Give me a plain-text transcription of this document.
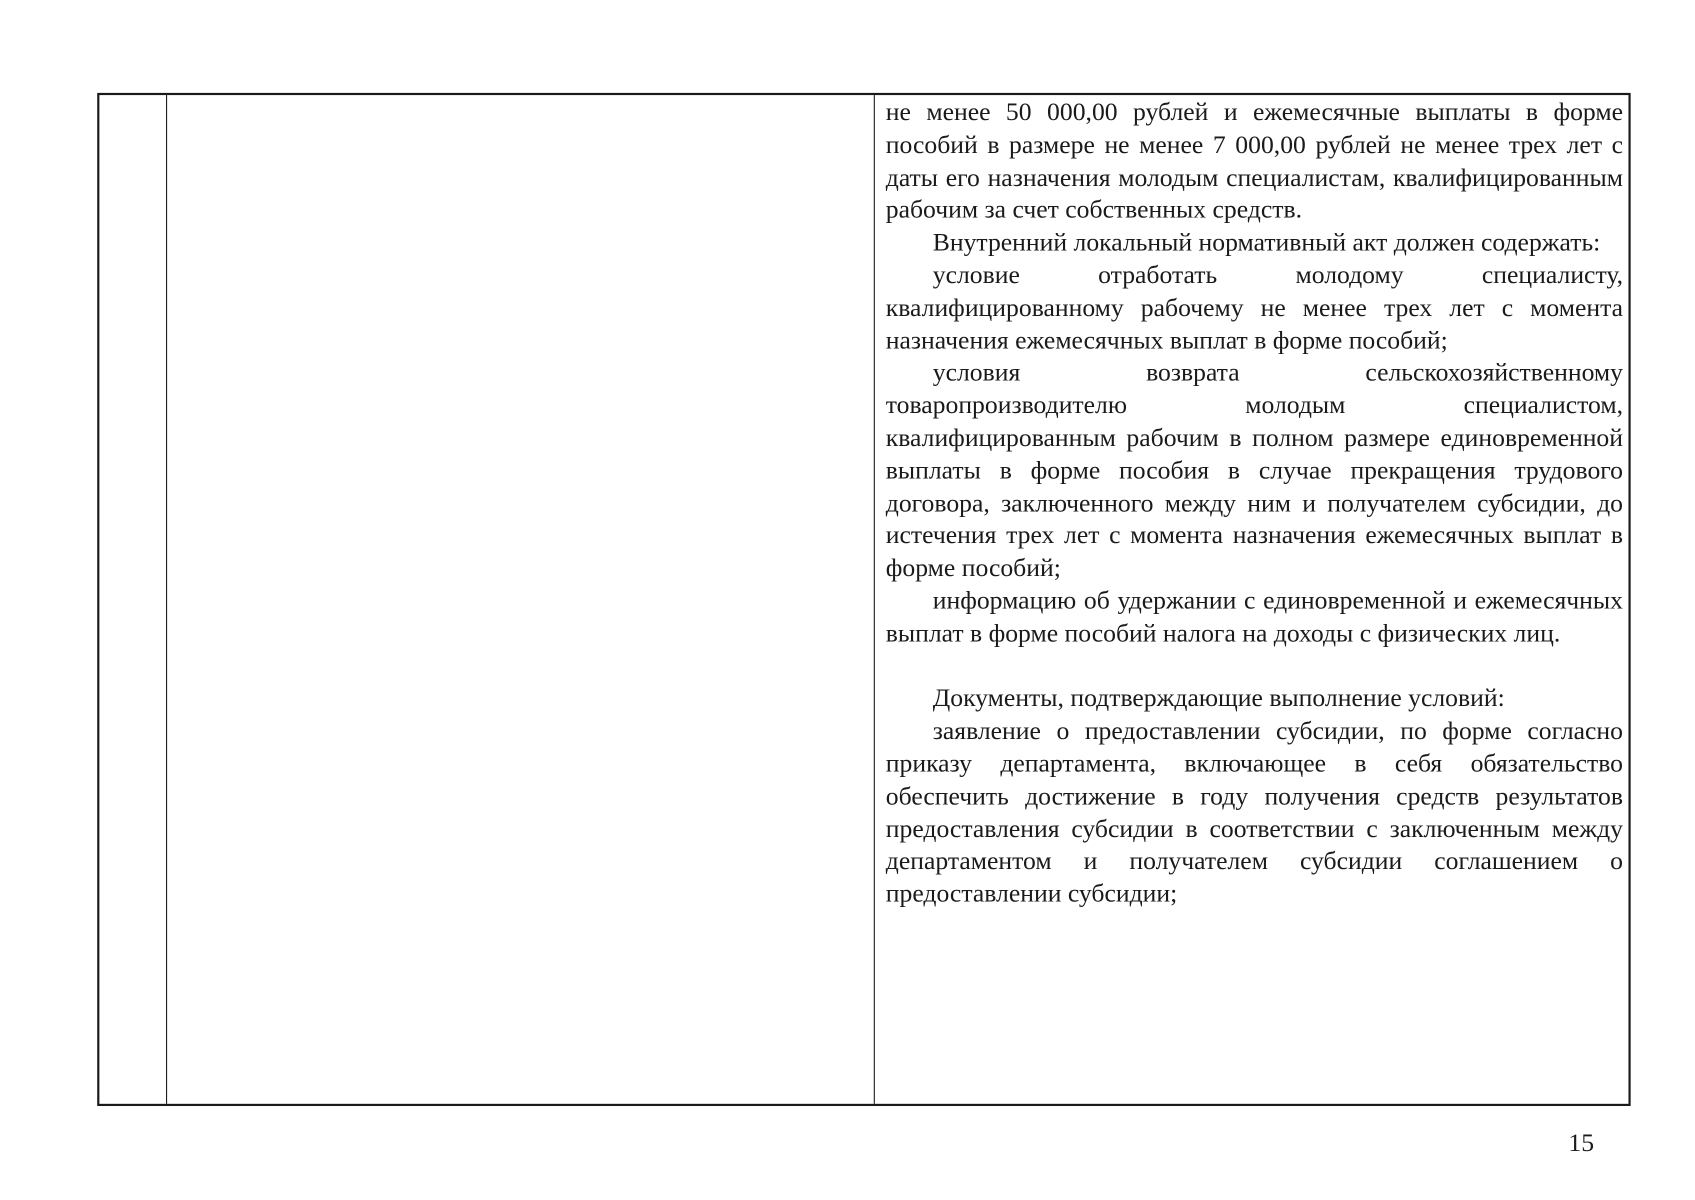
не менее 50 000,00 рублей и ежемесячные выплаты в форме пособий в размере не менее 7 000,00 рублей не менее трех лет с даты его назначения молодым специалистам, квалифицированным рабочим за счет собственных средств.

Внутренний локальный нормативный акт должен содержать:

условие отработать молодому специалисту, квалифицированному рабочему не менее трех лет с момента назначения ежемесячных выплат в форме пособий;

условия возврата сельскохозяйственному товаропроизводителю молодым специалистом, квалифицированным рабочим в полном размере единовременной выплаты в форме пособия в случае прекращения трудового договора, заключенного между ним и получателем субсидии, до истечения трех лет с момента назначения ежемесячных выплат в форме пособий;

информацию об удержании с единовременной и ежемесячных выплат в форме пособий налога на доходы с физических лиц.

Документы, подтверждающие выполнение условий:

заявление о предоставлении субсидии, по форме согласно приказу департамента, включающее в себя обязательство обеспечить достижение в году получения средств результатов предоставления субсидии в соответствии с заключенным между департаментом и получателем субсидии соглашением о предоставлении субсидии;

15
